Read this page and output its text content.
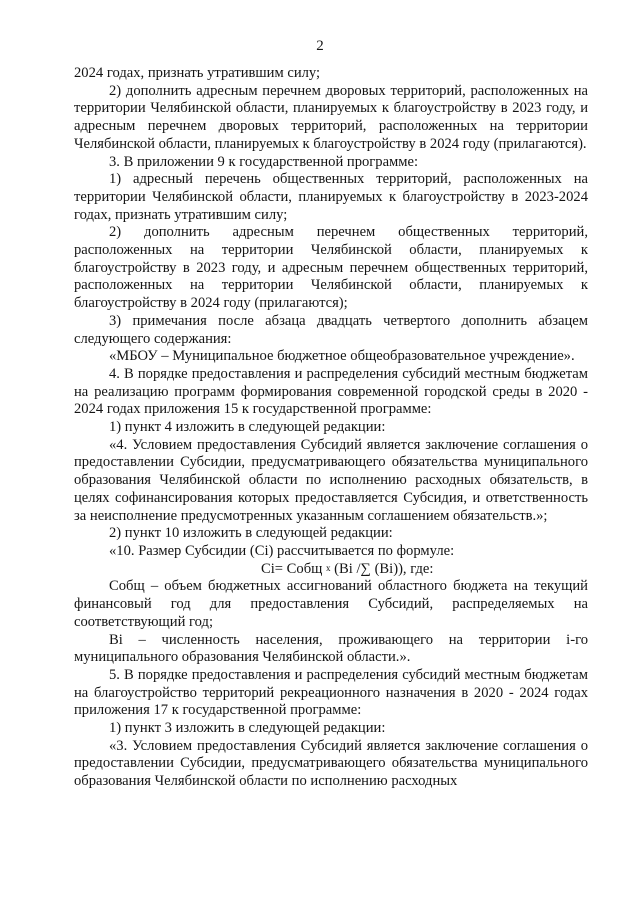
2

2024 годах, признать утратившим силу;

2) дополнить адресным перечнем дворовых территорий, расположенных на территории Челябинской области, планируемых к благоустройству в 2023 году, и адресным перечнем дворовых территорий, расположенных на территории Челябинской области, планируемых к благоустройству в 2024 году (прилагаются).

3. В приложении 9 к государственной программе:

1) адресный перечень общественных территорий, расположенных на территории Челябинской области, планируемых к благоустройству в 2023-2024 годах, признать утратившим силу;

2) дополнить адресным перечнем общественных территорий, расположенных на территории Челябинской области, планируемых к благоустройству в 2023 году, и адресным перечнем общественных территорий, расположенных на территории Челябинской области, планируемых к благоустройству в 2024 году (прилагаются);

3) примечания после абзаца двадцать четвертого дополнить абзацем следующего содержания:

«МБОУ – Муниципальное бюджетное общеобразовательное учреждение».

4. В порядке предоставления и распределения субсидий местным бюджетам на реализацию программ формирования современной городской среды в 2020 - 2024 годах приложения 15 к государственной программе:

1) пункт 4 изложить в следующей редакции:

«4. Условием предоставления Субсидий является заключение соглашения о предоставлении Субсидии, предусматривающего обязательства муниципального образования Челябинской области по исполнению расходных обязательств, в целях софинансирования которых предоставляется Субсидия, и ответственность за неисполнение предусмотренных указанным соглашением обязательств.»;

2) пункт 10 изложить в следующей редакции:

«10. Размер Субсидии (Сi) рассчитывается по формуле:

Сi= Cобщ $^x$ (Вi /∑ (Вi)), где:

Cобщ – объем бюджетных ассигнований областного бюджета на текущий финансовый год для предоставления Субсидий, распределяемых на соответствующий год;

Вi – численность населения, проживающего на территории i-го муниципального образования Челябинской области.».

5. В порядке предоставления и распределения субсидий местным бюджетам на благоустройство территорий рекреационного назначения в 2020 - 2024 годах приложения 17 к государственной программе:

1) пункт 3 изложить в следующей редакции:

«3. Условием предоставления Субсидий является заключение соглашения о предоставлении Субсидии, предусматривающего обязательства муниципального образования Челябинской области по исполнению расходных
